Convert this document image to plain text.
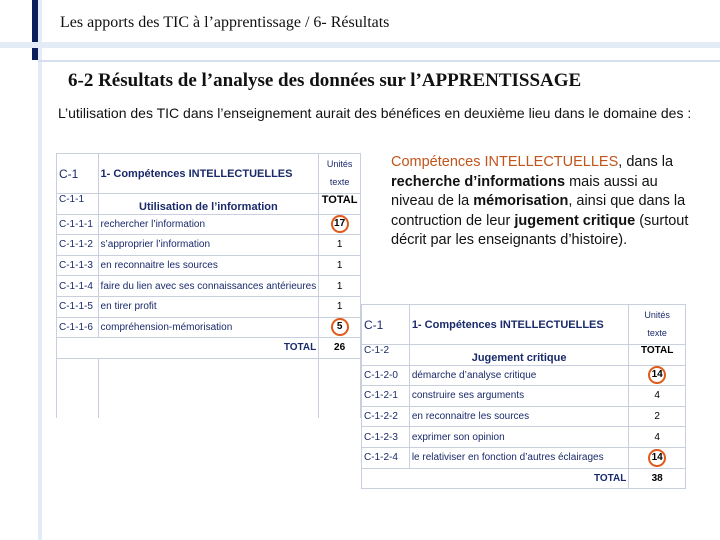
Les apports des TIC à l’apprentissage / 6- Résultats
6-2 Résultats de l’analyse des données sur l’APPRENTISSAGE
L’utilisation des TIC dans l’enseignement aurait des bénéfices en deuxième lieu dans le domaine des :
C-1	1- Compétences INTELLECTUELLES	Unités
texte

C-1-1	Utilisation de l’information	TOTAL
C-1-1-1	rechercher l’information	17
C-1-1-2	s’approprier l’information	1
C-1-1-3	en reconnaitre les sources	1
C-1-1-4	faire du lien avec ses connaissances antérieures	1
C-1-1-5	en tirer profit	1
C-1-1-6	compréhension-mémorisation	5
	TOTAL	26

Compétences INTELLECTUELLES, dans la recherche d’informations mais aussi au niveau de la mémorisation, ainsi que dans la contruction de leur jugement critique (surtout décrit par les enseignants d’histoire).
C-1	1- Compétences INTELLECTUELLES	Unités
texte

C-1-2	Jugement critique	TOTAL
C-1-2-0	démarche d’analyse critique	14
C-1-2-1	construire ses arguments	4
C-1-2-2	en reconnaitre les sources	2
C-1-2-3	exprimer son opinion	4
C-1-2-4	le relativiser en fonction d’autres éclairages	14
	TOTAL	38
